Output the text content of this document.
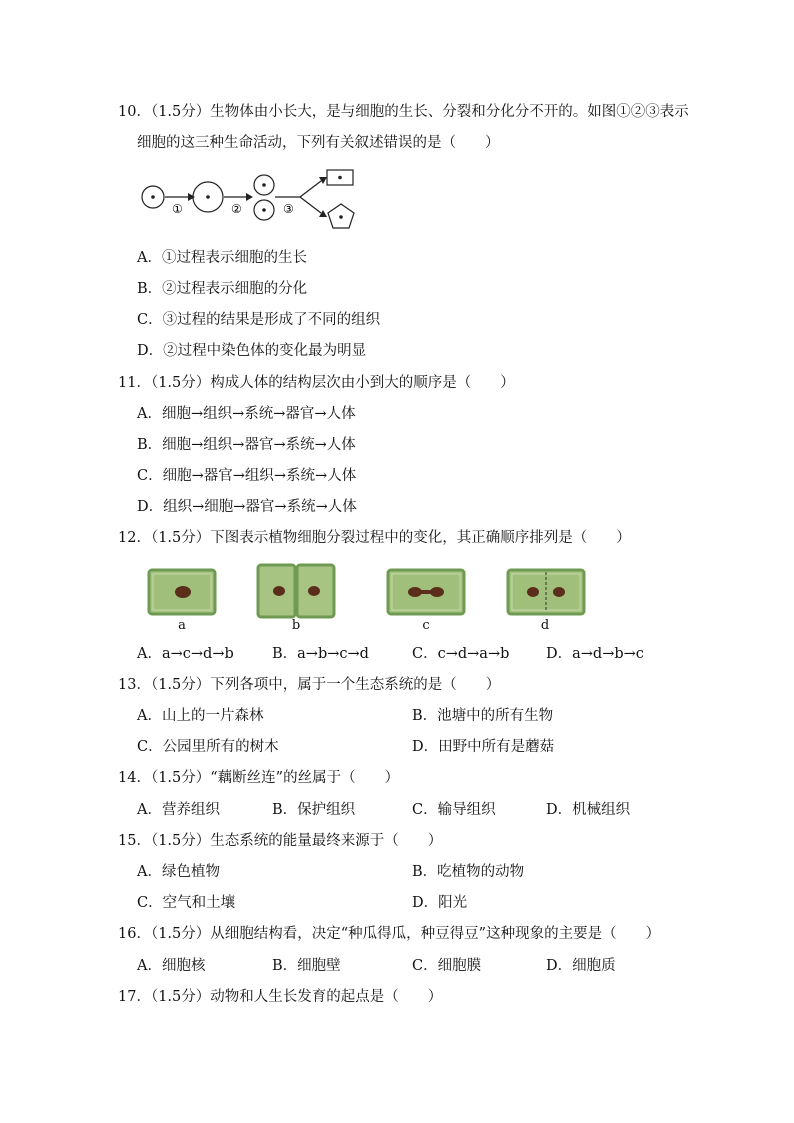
10．（1.5分）生物体由小长大，是与细胞的生长、分裂和分化分不开的。如图①②③表示
细胞的这三种生命活动，下列有关叙述错误的是（　　）
①	②	③
A．①过程表示细胞的生长
B．②过程表示细胞的分化
C．③过程的结果是形成了不同的组织
D．②过程中染色体的变化最为明显
11．（1.5分）构成人体的结构层次由小到大的顺序是（　　）
A．细胞→组织→系统→器官→人体
B．细胞→组织→器官→系统→人体
C．细胞→器官→组织→系统→人体
D．组织→细胞→器官→系统→人体
12．（1.5分）下图表示植物细胞分裂过程中的变化，其正确顺序排列是（　　）
a	b	c	d
A．a→c→d→b	B．a→b→c→d	C．c→d→a→b	D．a→d→b→c
13．（1.5分）下列各项中，属于一个生态系统的是（　　）
A．山上的一片森林	B．池塘中的所有生物
C．公园里所有的树木	D．田野中所有是蘑菇
14．（1.5分）“藕断丝连”的丝属于（　　）
A．营养组织	B．保护组织	C．输导组织	D．机械组织
15．（1.5分）生态系统的能量最终来源于（　　）
A．绿色植物	B．吃植物的动物
C．空气和土壤	D．阳光
16．（1.5分）从细胞结构看，决定“种瓜得瓜，种豆得豆”这种现象的主要是（　　）
A．细胞核	B．细胞壁	C．细胞膜	D．细胞质
17．（1.5分）动物和人生长发育的起点是（　　）
